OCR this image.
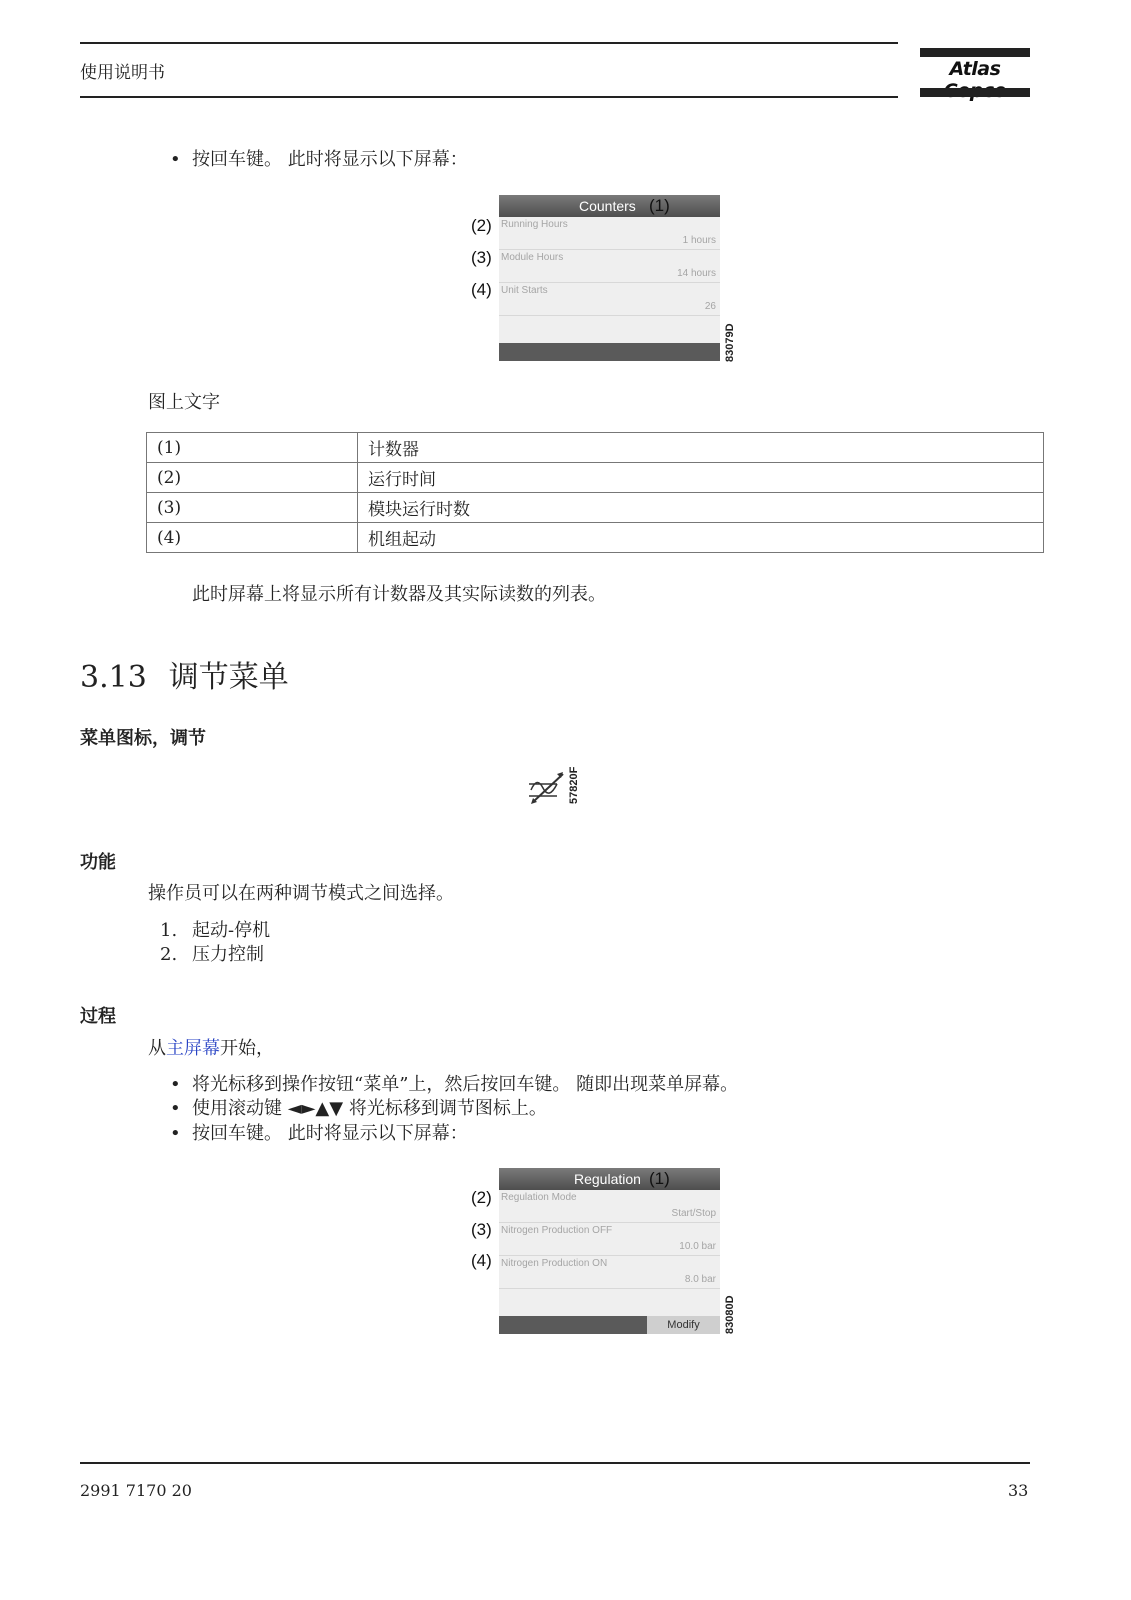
使用说明书	Atlas
• 按回车键。 此时将显示以下屏幕：
Counters (1)
Running Hours
1 hours
Module Hours
14 hours
Unit Starts
26
(2)
(3)
(4)
83079D
图上文字
(1)	计数器
(2)	运行时间
(3)	模块运行时数
(4)	机组起动
此时屏幕上将显示所有计数器及其实际读数的列表。
3.13 调节菜单
菜单图标，调节
57820F
功能
操作员可以在两种调节模式之间选择。
1. 起动-停机
2. 压力控制
过程
从主屏幕开始，
• 将光标移到操作按钮“菜单”上，然后按回车键。 随即出现菜单屏幕。
• 使用滚动键 ◄►▲▼ 将光标移到调节图标上。
• 按回车键。 此时将显示以下屏幕：
Regulation (1)
Regulation Mode
Start/Stop
Nitrogen Production OFF
10.0 bar
Nitrogen Production ON
8.0 bar
Modify
(2)
(3)
(4)
83080D
2991 7170 20	33
